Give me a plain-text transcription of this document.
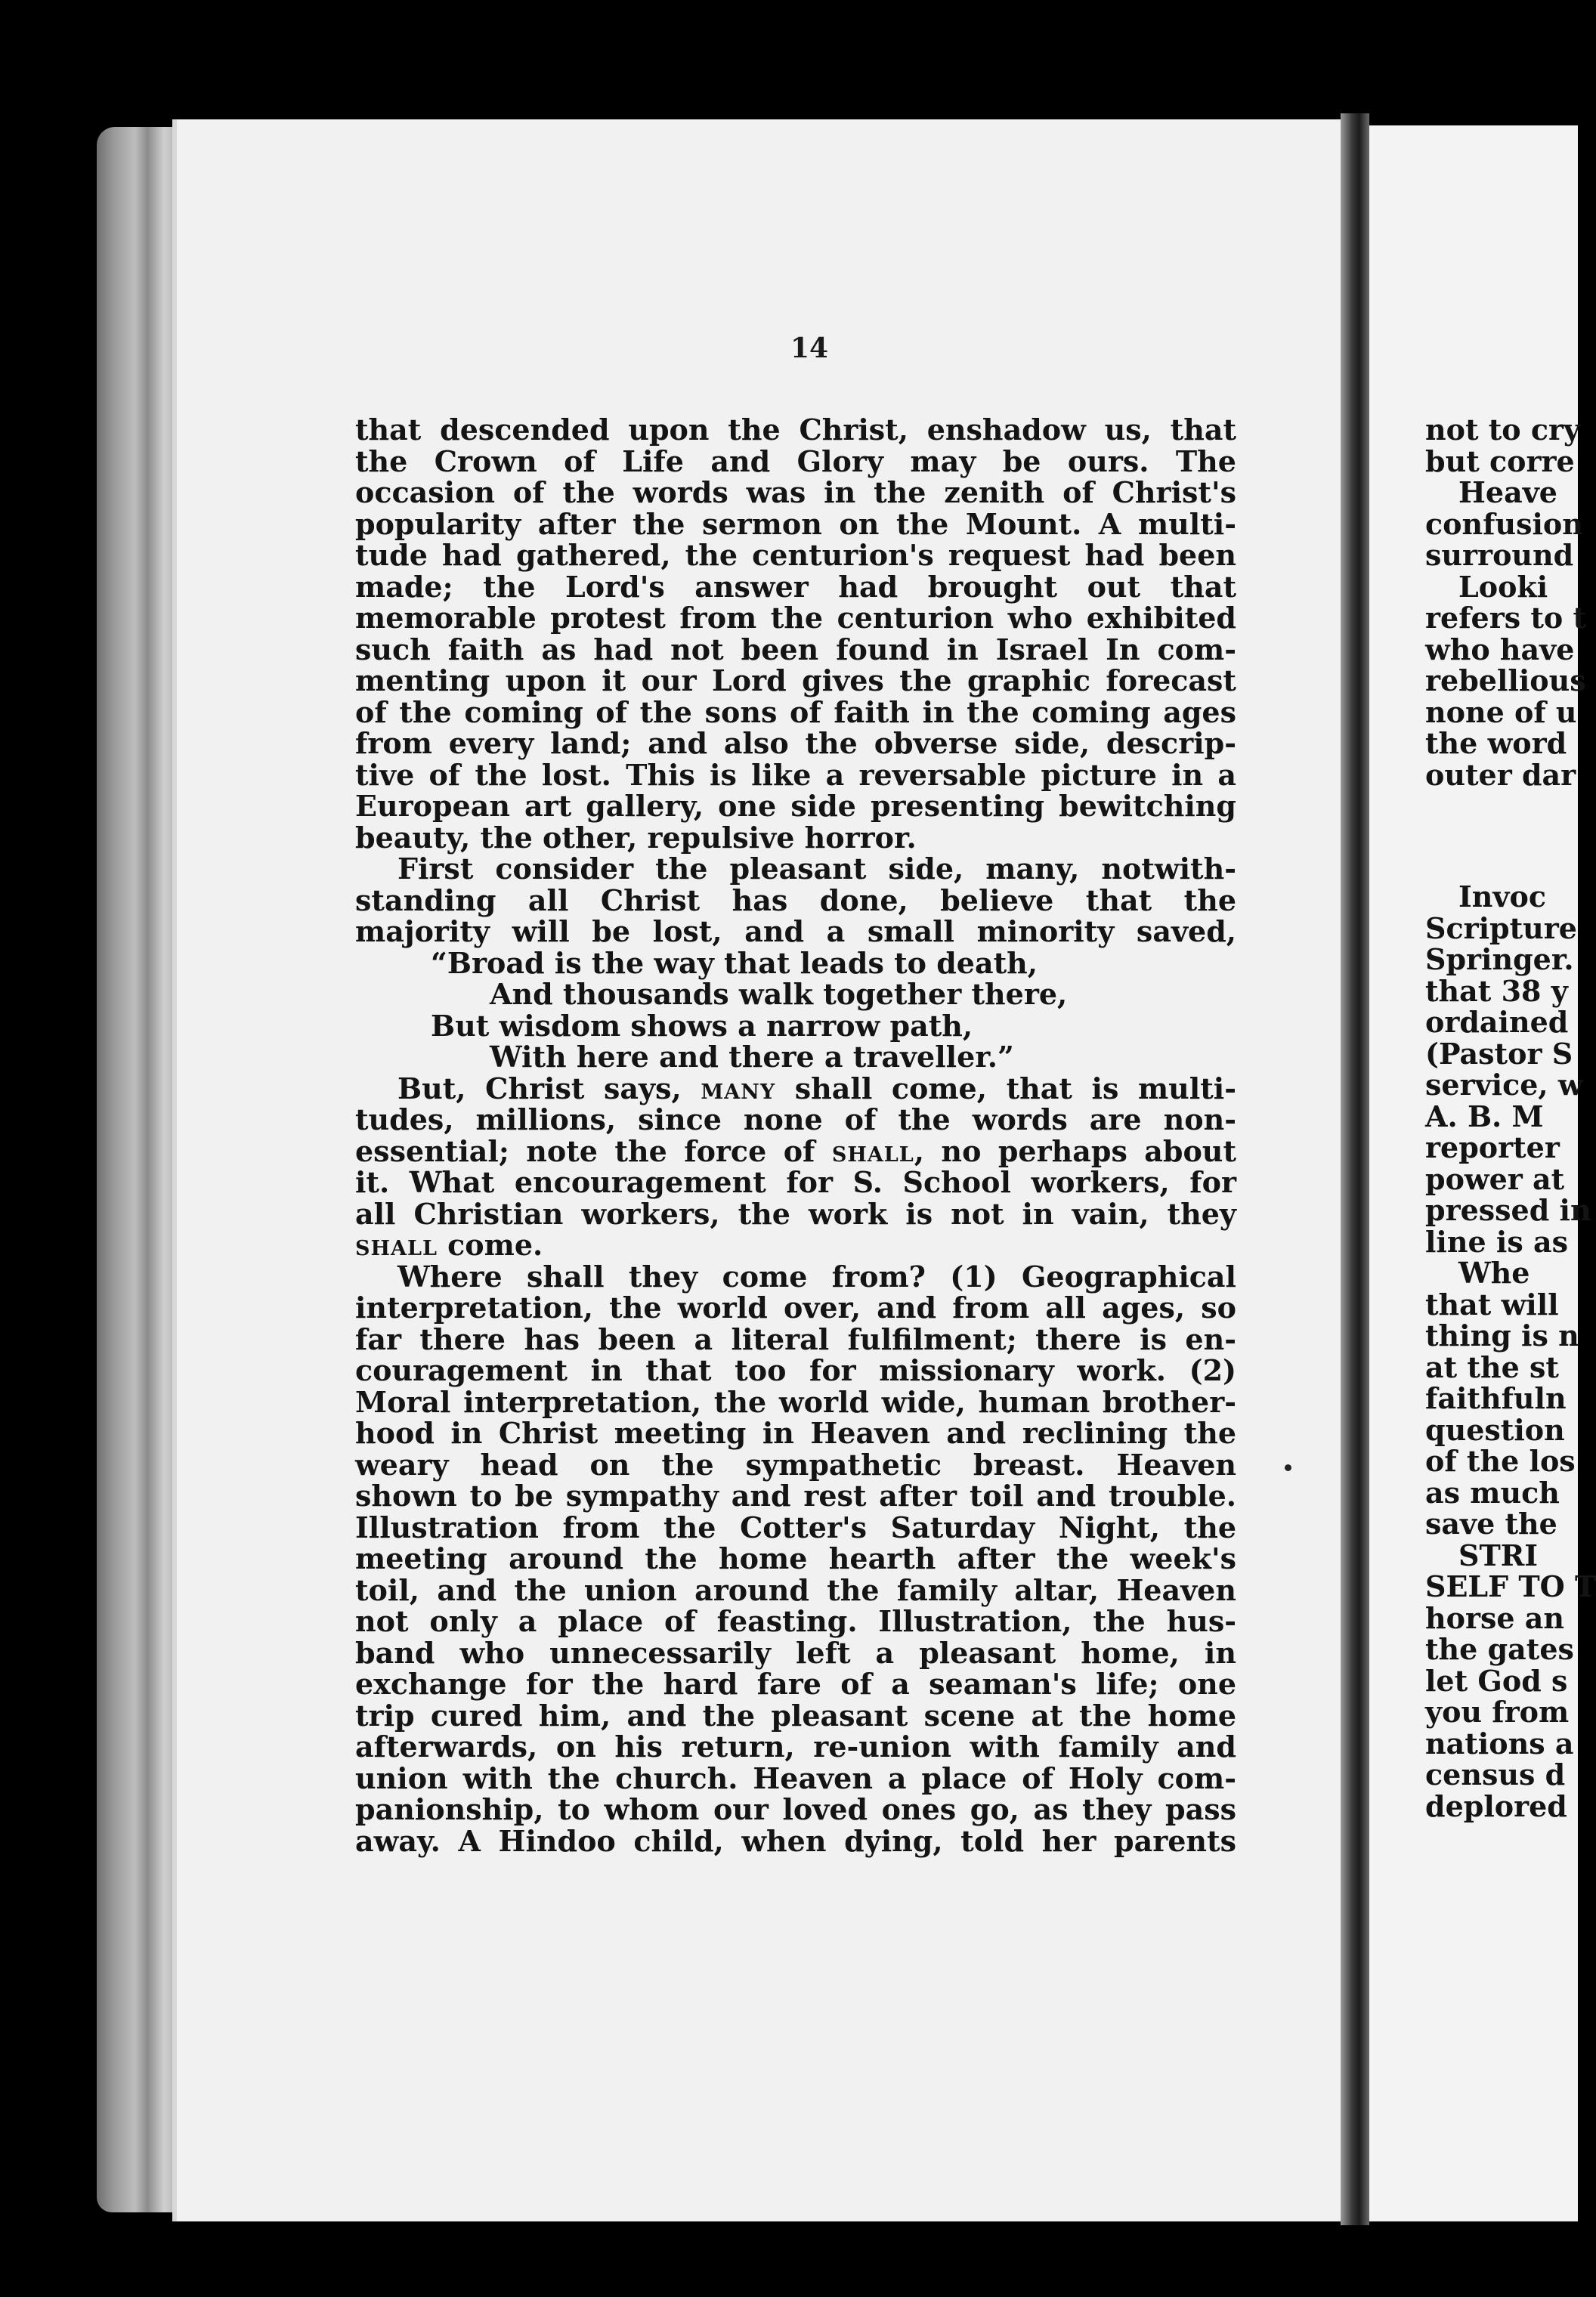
14
that descended upon the Christ, enshadow us, that
the Crown of Life and Glory may be ours. The
occasion of the words was in the zenith of Christ's
popularity after the sermon on the Mount. A multi-
tude had gathered, the centurion's request had been
made; the Lord's answer had brought out that
memorable protest from the centurion who exhibited
such faith as had not been found in Israel In com-
menting upon it our Lord gives the graphic forecast
of the coming of the sons of faith in the coming ages
from every land; and also the obverse side, descrip-
tive of the lost. This is like a reversable picture in a
European art gallery, one side presenting bewitching
beauty, the other, repulsive horror.
First consider the pleasant side, many, notwith-
standing all Christ has done, believe that the
majority will be lost, and a small minority saved,
“Broad is the way that leads to death,
And thousands walk together there,
But wisdom shows a narrow path,
With here and there a traveller.”
But, Christ says, MANY shall come, that is multi-
tudes, millions, since none of the words are non-
essential; note the force of SHALL, no perhaps about
it. What encouragement for S. School workers, for
all Christian workers, the work is not in vain, they
SHALL come.
Where shall they come from? (1) Geographical
interpretation, the world over, and from all ages, so
far there has been a literal fulfilment; there is en-
couragement in that too for missionary work. (2)
Moral interpretation, the world wide, human brother-
hood in Christ meeting in Heaven and reclining the
weary head on the sympathetic breast. Heaven
shown to be sympathy and rest after toil and trouble.
Illustration from the Cotter's Saturday Night, the
meeting around the home hearth after the week's
toil, and the union around the family altar, Heaven
not only a place of feasting. Illustration, the hus-
band who unnecessarily left a pleasant home, in
exchange for the hard fare of a seaman's life; one
trip cured him, and the pleasant scene at the home
afterwards, on his return, re-union with family and
union with the church. Heaven a place of Holy com-
panionship, to whom our loved ones go, as they pass
away. A Hindoo child, when dying, told her parents
not to cry
but corre
Heave
confusion
surround
Looki
refers to t
who have
rebellious
none of u
the word
outer dar
Invoc
Scripture
Springer.
that 38 y
ordained
(Pastor S
service, w
A. B. M
reporter
power at
pressed in
line is as
Whe
that will
thing is n
at the st
faithfuln
question
of the los
as much
save the
STRI
SELF TO T
horse an
the gates
let God s
you from
nations a
census d
deplored
